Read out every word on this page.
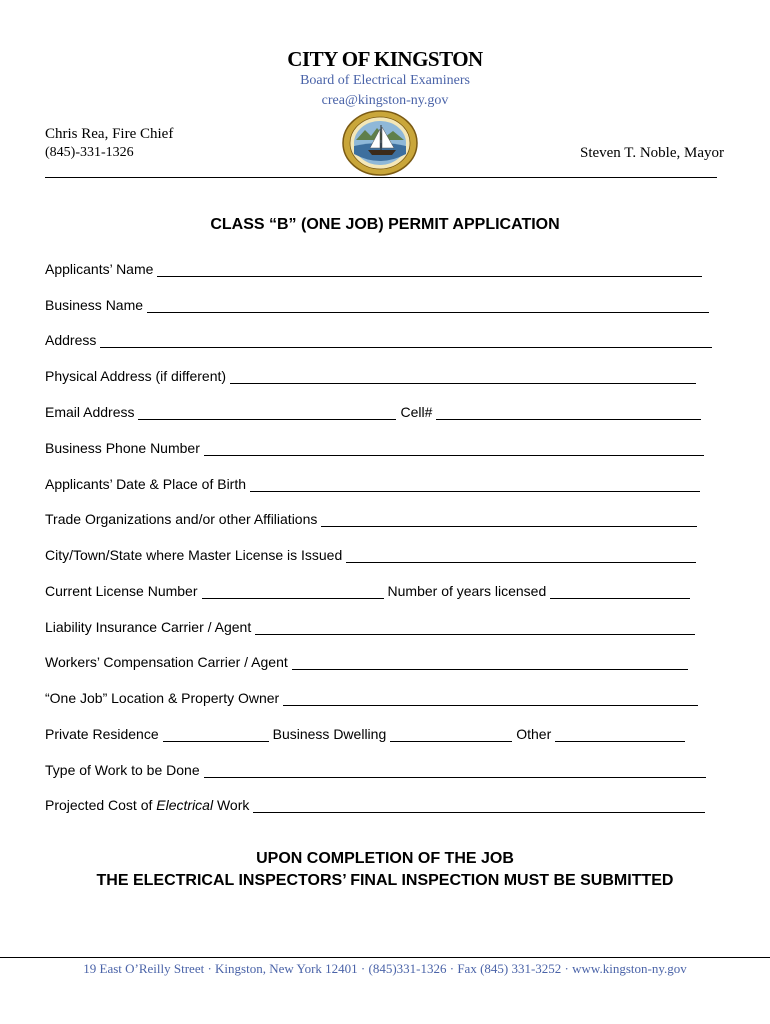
CITY OF KINGSTON
Board of Electrical Examiners
crea@kingston-ny.gov
Chris Rea, Fire Chief
(845)-331-1326	Steven T. Noble, Mayor
CLASS “B” (ONE JOB) PERMIT APPLICATION
Applicants’ Name
Business Name
Address
Physical Address (if different)
Email Address	Cell#
Business Phone Number
Applicants’ Date & Place of Birth
Trade Organizations and/or other Affiliations
City/Town/State where Master License is Issued
Current License Number	Number of years licensed
Liability Insurance Carrier / Agent
Workers’ Compensation Carrier / Agent
“One Job” Location & Property Owner
Private Residence	Business Dwelling	Other
Type of Work to be Done
Projected Cost of Electrical Work
UPON COMPLETION OF THE JOB
THE ELECTRICAL INSPECTORS’ FINAL INSPECTION MUST BE SUBMITTED
19 East O’Reilly Street · Kingston, New York 12401 · (845)331-1326 · Fax (845) 331-3252 · www.kingston-ny.gov
